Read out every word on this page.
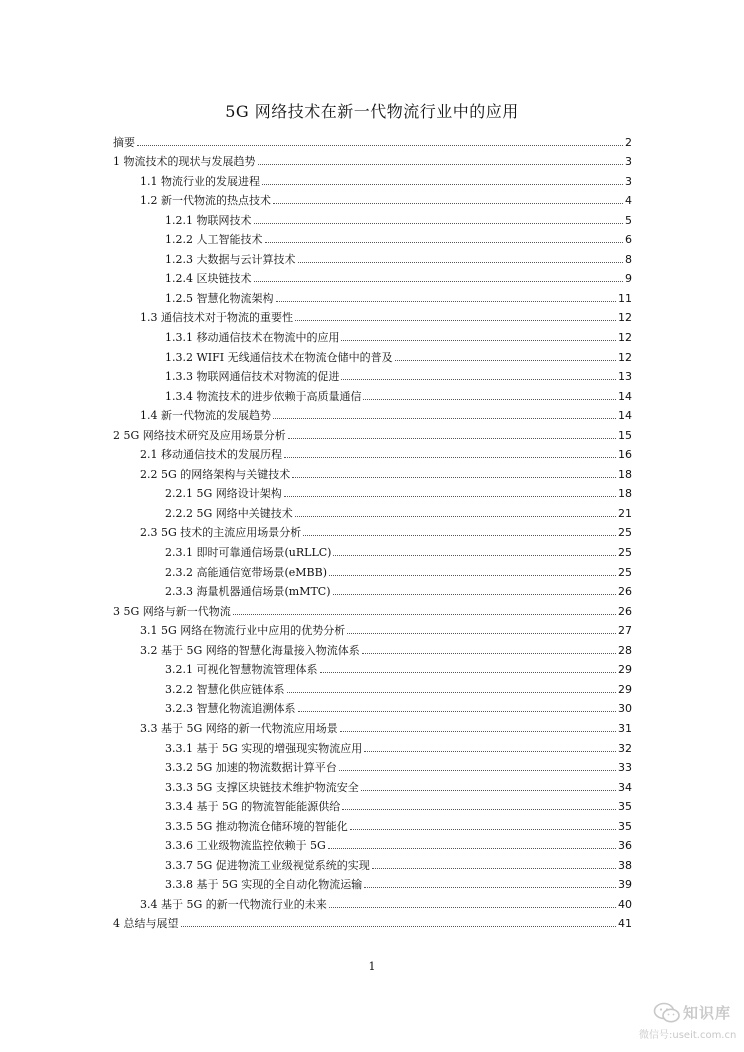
5G 网络技术在新一代物流行业中的应用
摘要	2
1 物流技术的现状与发展趋势	3
1.1 物流行业的发展进程	3
1.2 新一代物流的热点技术	4
1.2.1 物联网技术	5
1.2.2 人工智能技术	6
1.2.3 大数据与云计算技术	8
1.2.4 区块链技术	9
1.2.5 智慧化物流架构	11
1.3 通信技术对于物流的重要性	12
1.3.1 移动通信技术在物流中的应用	12
1.3.2 WIFI 无线通信技术在物流仓储中的普及	12
1.3.3 物联网通信技术对物流的促进	13
1.3.4 物流技术的进步依赖于高质量通信	14
1.4 新一代物流的发展趋势	14
2 5G 网络技术研究及应用场景分析	15
2.1 移动通信技术的发展历程	16
2.2 5G 的网络架构与关键技术	18
2.2.1 5G 网络设计架构	18
2.2.2 5G 网络中关键技术	21
2.3 5G 技术的主流应用场景分析	25
2.3.1 即时可靠通信场景(uRLLC)	25
2.3.2 高能通信宽带场景(eMBB)	25
2.3.3 海量机器通信场景(mMTC)	26
3 5G 网络与新一代物流	26
3.1 5G 网络在物流行业中应用的优势分析	27
3.2 基于 5G 网络的智慧化海量接入物流体系	28
3.2.1 可视化智慧物流管理体系	29
3.2.2 智慧化供应链体系	29
3.2.3 智慧化物流追溯体系	30
3.3 基于 5G 网络的新一代物流应用场景	31
3.3.1 基于 5G 实现的增强现实物流应用	32
3.3.2 5G 加速的物流数据计算平台	33
3.3.3 5G 支撑区块链技术维护物流安全	34
3.3.4 基于 5G 的物流智能能源供给	35
3.3.5 5G 推动物流仓储环境的智能化	35
3.3.6 工业级物流监控依赖于 5G	36
3.3.7 5G 促进物流工业级视觉系统的实现	38
3.3.8 基于 5G 实现的全自动化物流运输	39
3.4 基于 5G 的新一代物流行业的未来	40
4 总结与展望	41
1
知识库
微信号:useit.com.cn
